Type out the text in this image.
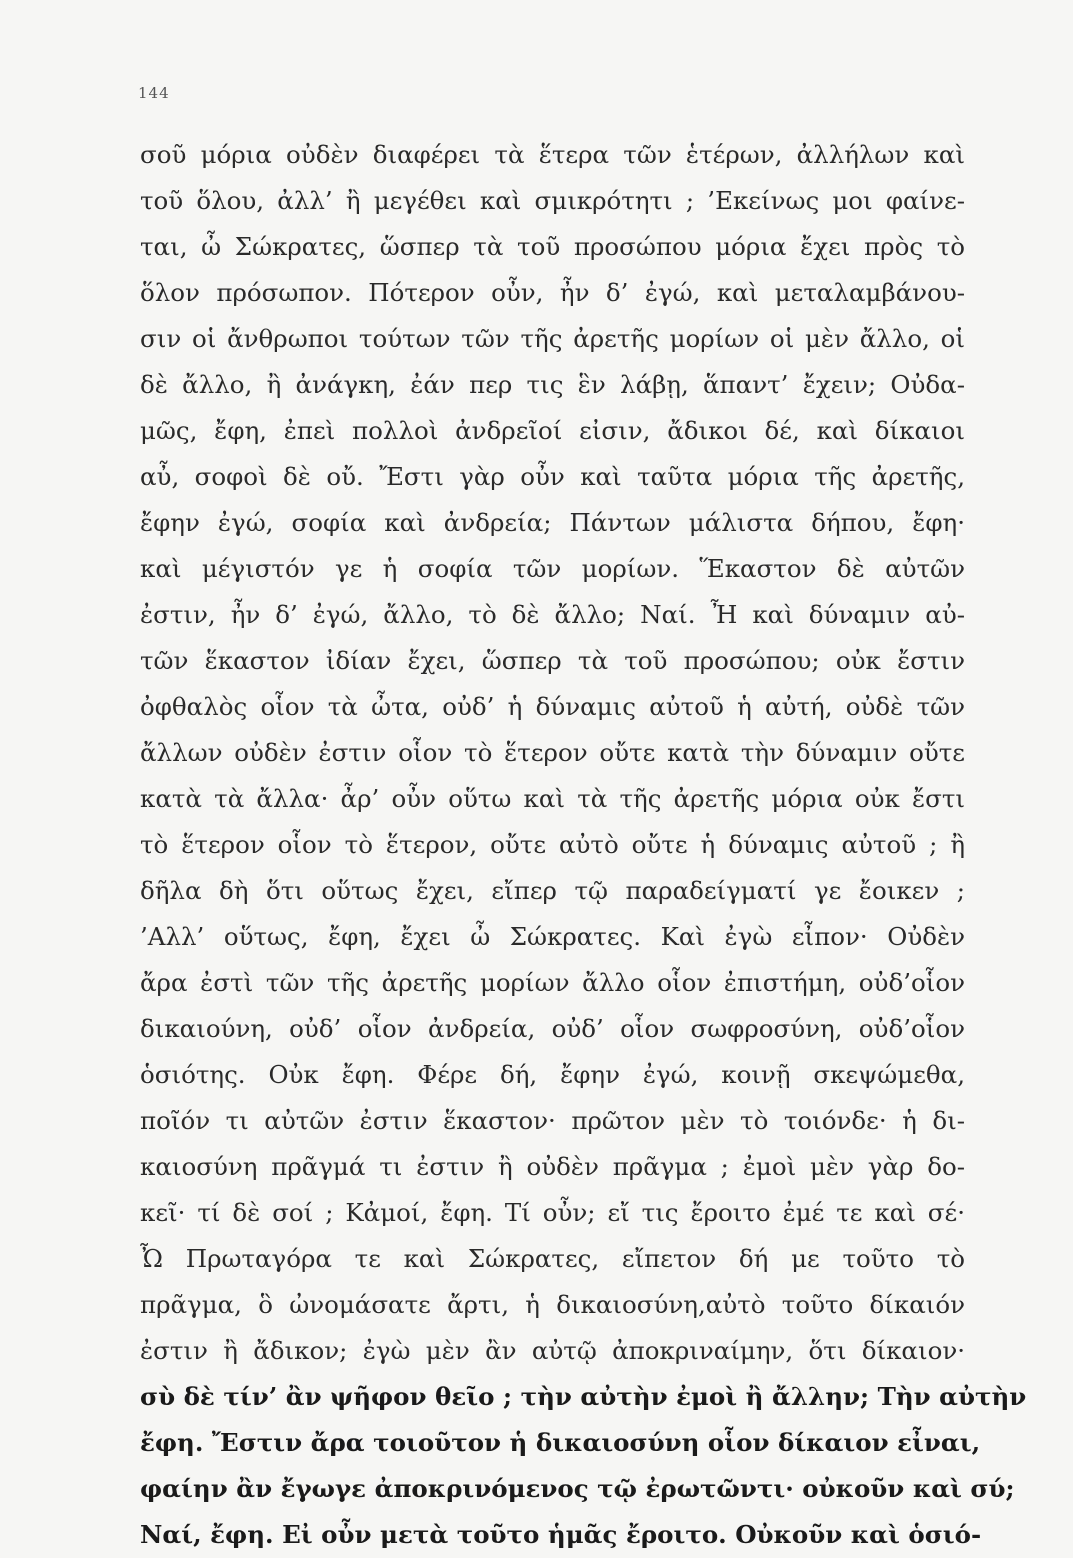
144
σοῦ μόρια οὐδὲν διαφέρει τὰ ἕτερα τῶν ἑτέρων, ἀλλήλων καὶ
τοῦ ὅλου, ἀλλ’ ἢ μεγέθει καὶ σμικρότητι ; ’Εκείνως μοι φαίνε-
ται, ὦ Σώκρατες, ὥσπερ τὰ τοῦ προσώπου μόρια ἔχει πρὸς τὸ
ὅλον πρόσωπον. Πότερον οὖν, ἦν δ’ ἐγώ, καὶ μεταλαμβάνου-
σιν οἱ ἄνθρωποι τούτων τῶν τῆς ἀρετῆς μορίων οἱ μὲν ἄλλο, οἱ
δὲ ἄλλο, ἢ ἀνάγκη, ἐάν περ τις ἓν λάβῃ, ἅπαντ’ ἔχειν; Οὐδα-
μῶς, ἔφη, ἐπεὶ πολλοὶ ἀνδρεῖοί εἰσιν, ἄδικοι δέ, καὶ δίκαιοι
αὖ, σοφοὶ δὲ οὔ. Ἔστι γὰρ οὖν καὶ ταῦτα μόρια τῆς ἀρετῆς,
ἔφην ἐγώ, σοφία καὶ ἀνδρεία; Πάντων μάλιστα δήπου, ἔφη·
καὶ μέγιστόν γε ἡ σοφία τῶν μορίων. Ἕκαστον δὲ αὐτῶν
ἐστιν, ἦν δ’ ἐγώ, ἄλλο, τὸ δὲ ἄλλο; Ναί. Ἦ καὶ δύναμιν αὐ-
τῶν ἕκαστον ἰδίαν ἔχει, ὥσπερ τὰ τοῦ προσώπου; οὐκ ἔστιν
ὀφθαλὸς οἷον τὰ ὦτα, οὐδ’ ἡ δύναμις αὐτοῦ ἡ αὐτή, οὐδὲ τῶν
ἄλλων οὐδὲν ἐστιν οἷον τὸ ἕτερον οὔτε κατὰ τὴν δύναμιν οὔτε
κατὰ τὰ ἄλλα· ἆρ’ οὖν οὕτω καὶ τὰ τῆς ἀρετῆς μόρια οὐκ ἔστι
τὸ ἕτερον οἷον τὸ ἕτερον, οὔτε αὐτὸ οὔτε ἡ δύναμις αὐτοῦ ; ἢ
δῆλα δὴ ὅτι οὕτως ἔχει, εἴπερ τῷ παραδείγματί γε ἔοικεν ;
’Αλλ’ οὕτως, ἔφη, ἔχει ὦ Σώκρατες. Καὶ ἐγὼ εἶπον· Οὐδὲν
ἄρα ἐστὶ τῶν τῆς ἀρετῆς μορίων ἄλλο οἷον ἐπιστήμη, οὐδ’οἷον
δικαιούνη, οὐδ’ οἷον ἀνδρεία, οὐδ’ οἷον σωφροσύνη, οὐδ’οἷον
ὁσιότης. Οὐκ ἔφη. Φέρε δή, ἔφην ἐγώ, κοινῇ σκεψώμεθα,
ποῖόν τι αὐτῶν ἐστιν ἕκαστον· πρῶτον μὲν τὸ τοιόνδε· ἡ δι-
καιοσύνη πρᾶγμά τι ἐστιν ἢ οὐδὲν πρᾶγμα ; ἐμοὶ μὲν γὰρ δο-
κεῖ· τί δὲ σοί ; Κἀμοί, ἔφη. Τί οὖν; εἴ τις ἔροιτο ἐμέ τε καὶ σέ·
Ὦ Πρωταγόρα τε καὶ Σώκρατες, εἴπετον δή με τοῦτο τὸ
πρᾶγμα, ὃ ὠνομάσατε ἄρτι, ἡ δικαιοσύνη,αὐτὸ τοῦτο δίκαιόν
ἐστιν ἢ ἄδικον; ἐγὼ μὲν ἂν αὐτῷ ἀποκριναίμην, ὅτι δίκαιον·
σὺ δὲ τίν’ ἂν ψῆφον θεῖο ; τὴν αὐτὴν ἐμοὶ ἢ ἄλλην; Τὴν αὐτὴν
ἔφη. Ἔστιν ἄρα τοιοῦτον ἡ δικαιοσύνη οἷον δίκαιον εἶναι,
φαίην ἂν ἔγωγε ἀποκρινόμενος τῷ ἐρωτῶντι· οὐκοῦν καὶ σύ;
Ναί, ἔφη. Εἰ οὖν μετὰ τοῦτο ἡμᾶς ἔροιτο. Οὐκοῦν καὶ ὁσιό-
